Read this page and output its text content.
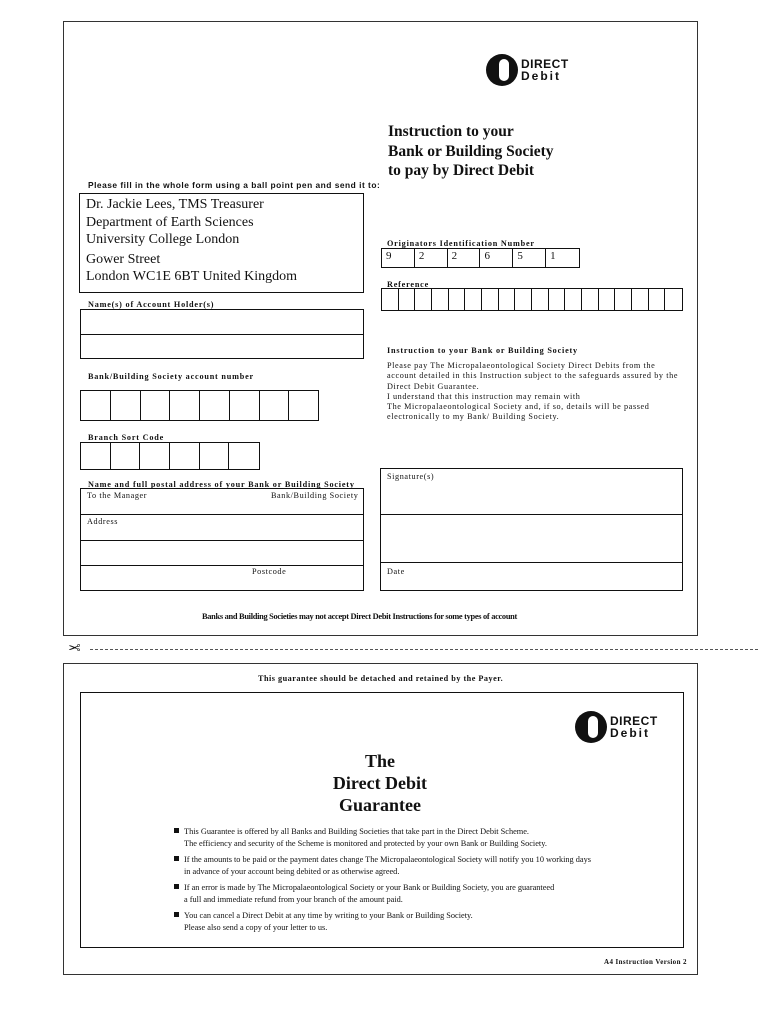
DIRECT
Debit
Instruction to your
Bank or Building Society
to pay by Direct Debit
Please fill in the whole form using a ball point pen and send it to:
Dr. Jackie Lees, TMS Treasurer
Department of Earth Sciences
University College London
Gower Street
London WC1E 6BT United Kingdom
Originators Identification Number
9	2	2	6	5	1
Reference
Name(s) of Account Holder(s)
Instruction to your Bank or Building Society
Please pay The Micropalaeontological Society Direct Debits from the
account detailed in this Instruction subject to the safeguards assured by the
Direct Debit Guarantee.
I understand that this instruction may remain with
The Micropalaeontological Society and, if so, details will be passed
electronically to my Bank/ Building Society.
Bank/Building Society account number
Branch Sort Code
Signature(s)
Date
Name and full postal address of your Bank or Building Society
To the Manager	Bank/Building Society
Address
Postcode
Banks and Building Societies may not accept Direct Debit Instructions for some types of account
✂
This guarantee should be detached and retained by the Payer.
DIRECT
Debit
The
Direct Debit
Guarantee
This Guarantee is offered by all Banks and Building Societies that take part in the Direct Debit Scheme.
The efficiency and security of the Scheme is monitored and protected by your own Bank or Building Society.
If the amounts to be paid or the payment dates change The Micropalaeontological Society will notify you 10 working days
in advance of your account being debited or as otherwise agreed.
If an error is made by The Micropalaeontological Society or your Bank or Building Society, you are guaranteed
a full and immediate refund from your branch of the amount paid.
You can cancel a Direct Debit at any time by writing to your Bank or Building Society.
Please also send a copy of your letter to us.
A4 Instruction Version 2
